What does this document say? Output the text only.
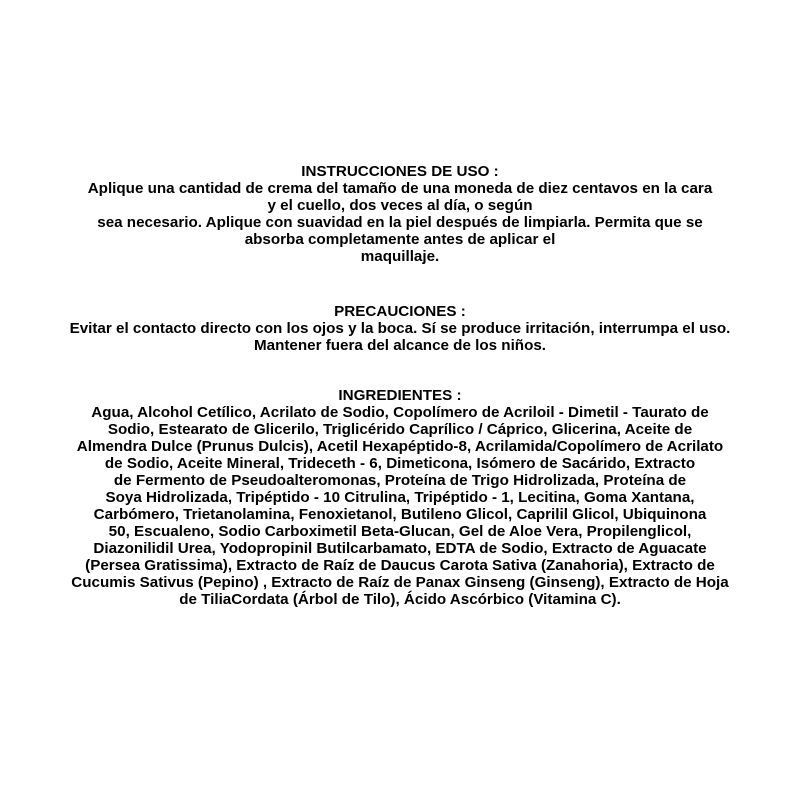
INSTRUCCIONES DE USO :
Aplique una cantidad de crema del tamaño de una moneda de diez centavos en la cara
y el cuello, dos veces al día, o según
sea necesario. Aplique con suavidad en la piel después de limpiarla. Permita que se
absorba completamente antes de aplicar el
maquillaje.
PRECAUCIONES :
Evitar el contacto directo con los ojos y la boca. Sí se produce irritación, interrumpa el uso.
Mantener fuera del alcance de los niños.
INGREDIENTES :
Agua, Alcohol Cetílico, Acrilato de Sodio, Copolímero de Acriloil - Dimetil - Taurato de
Sodio, Estearato de Glicerilo, Triglicérido Caprílico / Cáprico, Glicerina, Aceite de
Almendra Dulce (Prunus Dulcis), Acetil Hexapéptido-8, Acrilamida/Copolímero de Acrilato
de Sodio, Aceite Mineral, Trideceth - 6, Dimeticona, Isómero de Sacárido, Extracto
de Fermento de Pseudoalteromonas, Proteína de Trigo Hidrolizada, Proteína de
Soya Hidrolizada, Tripéptido - 10 Citrulina, Tripéptido - 1, Lecitina, Goma Xantana,
Carbómero, Trietanolamina, Fenoxietanol, Butileno Glicol, Caprilil Glicol, Ubiquinona
50, Escualeno, Sodio Carboximetil Beta-Glucan, Gel de Aloe Vera, Propilenglicol,
Diazonilidil Urea, Yodopropinil Butilcarbamato, EDTA de Sodio, Extracto de Aguacate
(Persea Gratissima), Extracto de Raíz de Daucus Carota Sativa (Zanahoria), Extracto de
Cucumis Sativus (Pepino) , Extracto de Raíz de Panax Ginseng (Ginseng), Extracto de Hoja
de TiliaCordata (Árbol de Tilo), Ácido Ascórbico (Vitamina C).
